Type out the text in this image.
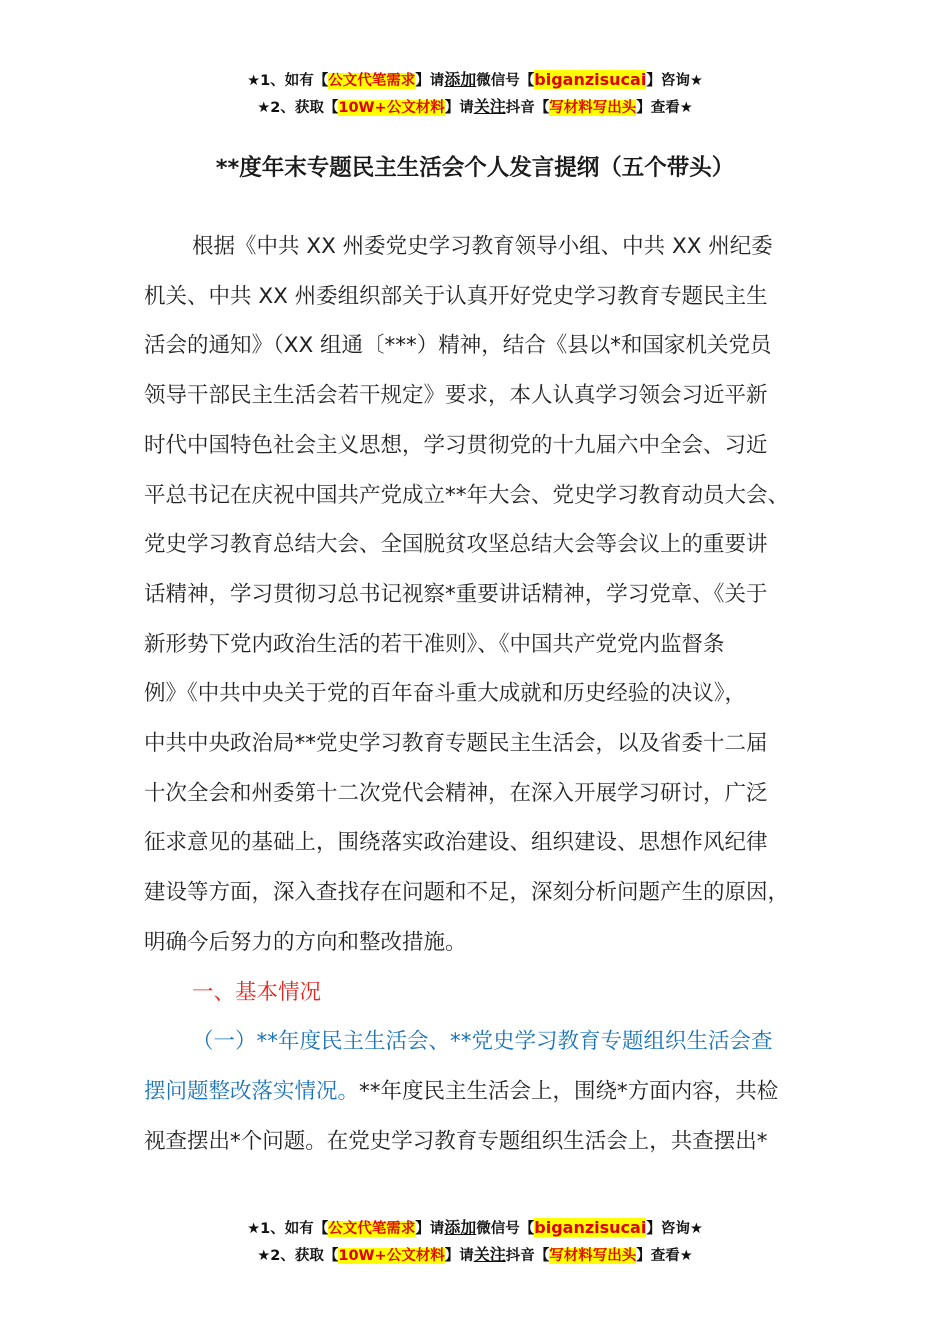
★1、如有【公文代笔需求】请添加微信号【biganzisucai】咨询★
★2、获取【10W+公文材料】请关注抖音【写材料写出头】查看★
**度年末专题民主生活会个人发言提纲（五个带头）

根据《中共 XX 州委党史学习教育领导小组、中共 XX 州纪委
机关、中共 XX 州委组织部关于认真开好党史学习教育专题民主生
活会的通知》（XX 组通〔***）精神，结合《县以*和国家机关党员
领导干部民主生活会若干规定》要求，本人认真学习领会习近平新
时代中国特色社会主义思想，学习贯彻党的十九届六中全会、习近
平总书记在庆祝中国共产党成立**年大会、党史学习教育动员大会、
党史学习教育总结大会、全国脱贫攻坚总结大会等会议上的重要讲
话精神，学习贯彻习总书记视察*重要讲话精神，学习党章、《关于
新形势下党内政治生活的若干准则》、《中国共产党党内监督条
例》《中共中央关于党的百年奋斗重大成就和历史经验的决议》，
中共中央政治局**党史学习教育专题民主生活会，以及省委十二届
十次全会和州委第十二次党代会精神，在深入开展学习研讨，广泛
征求意见的基础上，围绕落实政治建设、组织建设、思想作风纪律
建设等方面，深入查找存在问题和不足，深刻分析问题产生的原因，
明确今后努力的方向和整改措施。

一、基本情况

（一）**年度民主生活会、**党史学习教育专题组织生活会查
摆问题整改落实情况。**年度民主生活会上，围绕*方面内容，共检
视查摆出*个问题。在党史学习教育专题组织生活会上，共查摆出*

★1、如有【公文代笔需求】请添加微信号【biganzisucai】咨询★
★2、获取【10W+公文材料】请关注抖音【写材料写出头】查看★
